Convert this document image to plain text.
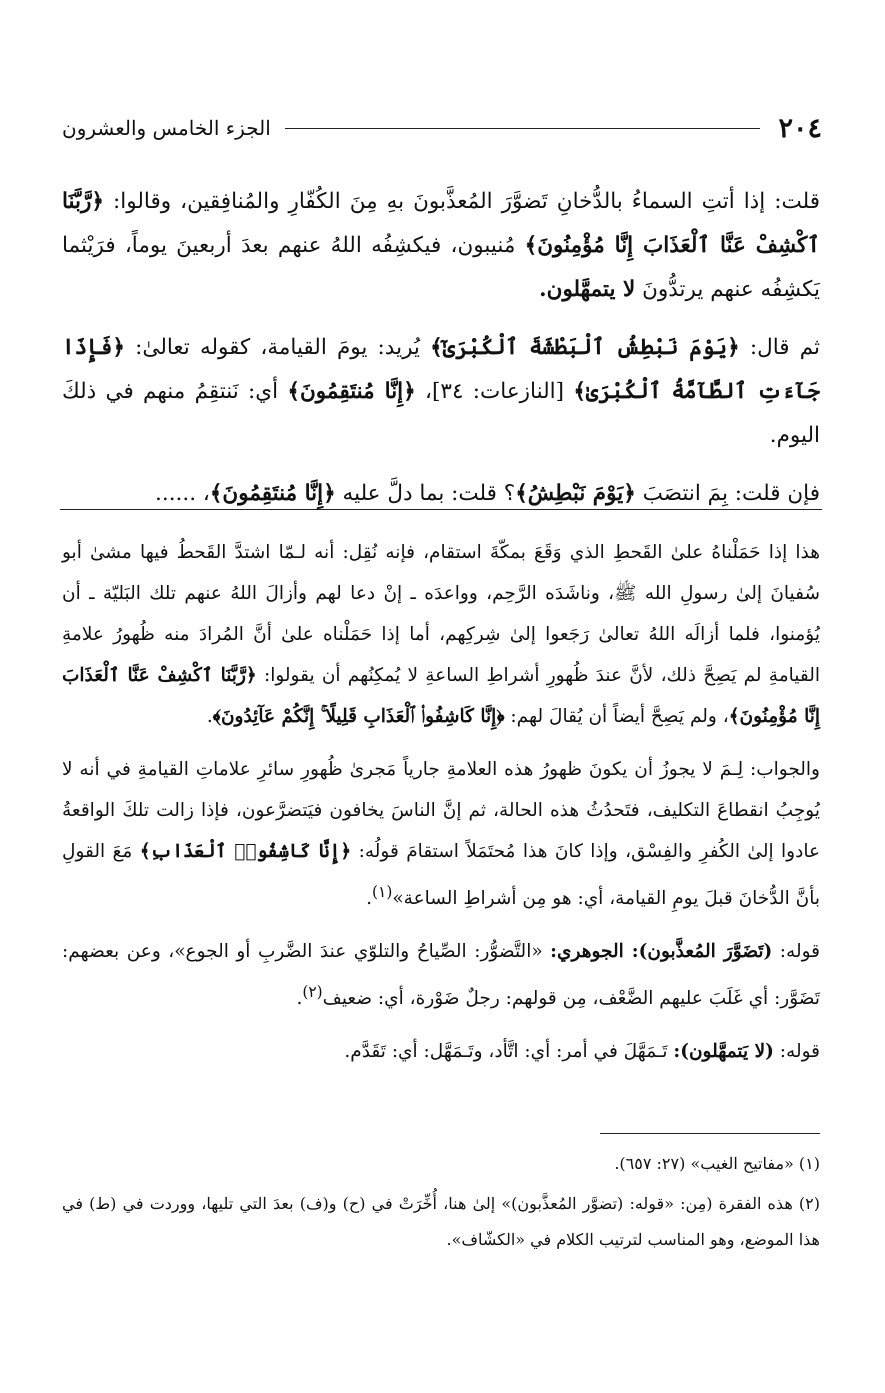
٢٠٤
الجزء الخامس والعشرون

قلت: إذا أتتِ السماءُ بالدُّخانِ تَضوَّرَ المُعذَّبونَ بهِ مِنَ الكُفّارِ والمُنافِقين، وقالوا: ﴿رَّبَّنَا ٱكْشِفْ عَنَّا ٱلْعَذَابَ إِنَّا مُؤْمِنُونَ﴾ مُنيبون، فيكشِفُه اللهُ عنهم بعدَ أربعينَ يوماً، فرَيْثما يَكشِفُه عنهم يرتدُّونَ لا يتمهَّلون.

ثم قال: ﴿يَوْمَ نَبْطِشُ ٱلْبَطْشَةَ ٱلْكُبْرَىٰٓ﴾ يُريد: يومَ القيامة، كقوله تعالىٰ: ﴿فَإِذَا جَآءَتِ ٱلطَّآمَّةُ ٱلْكُبْرَىٰ﴾ [النازعات: ٣٤]، ﴿إِنَّا مُنتَقِمُونَ﴾ أي: نَنتقِمُ منهم في ذلكَ اليوم.

فإن قلت: بِمَ انتصَبَ ﴿يَوْمَ نَبْطِشُ﴾؟ قلت: بما دلَّ عليه ﴿إِنَّا مُنتَقِمُونَ﴾، ......

هذا إذا حَمَلْناهُ علىٰ القَحطِ الذي وَقَعَ بمكّةَ استقام، فإنه نُقِل: أنه لـمّا اشتدَّ القَحطُ فيها مشىٰ أبو سُفيانَ إلىٰ رسولِ الله ﷺ، وناشَدَه الرَّحِم، وواعدَه ـ إنْ دعا لهم وأزالَ اللهُ عنهم تلك البَليّة ـ أن يُؤمنوا، فلما أزالَه اللهُ تعالىٰ رَجَعوا إلىٰ شِركِهم، أما إذا حَمَلْناه علىٰ أنَّ المُرادَ منه ظُهورُ علامةِ القيامةِ لم يَصِحَّ ذلك، لأنَّ عندَ ظُهورِ أشراطِ الساعةِ لا يُمكِنُهم أن يقولوا: ﴿رَّبَّنَا ٱكْشِفْ عَنَّا ٱلْعَذَابَ إِنَّا مُؤْمِنُونَ﴾، ولم يَصِحَّ أيضاً أن يُقالَ لهم: ﴿إِنَّا كَاشِفُوا۟ ٱلْعَذَابِ قَلِيلًا ۚ إِنَّكُمْ عَآئِدُونَ﴾.

والجواب: لِـمَ لا يجوزُ أن يكونَ ظهورُ هذه العلامةِ جارياً مَجرىٰ ظُهورِ سائرِ علاماتِ القيامةِ في أنه لا يُوجِبُ انقطاعَ التكليف، فتَحدُثُ هذه الحالة، ثم إنَّ الناسَ يخافون فيَتضرَّعون، فإذا زالت تلكَ الواقعةُ عادوا إلىٰ الكُفرِ والفِسْق، وإذا كانَ هذا مُحتَمَلاً استقامَ قولُه: ﴿إِنَّا كَاشِفُوا۟ ٱلْعَذَابِ﴾ مَعَ القولِ بأنَّ الدُّخانَ قبلَ يومِ القيامة، أي: هو مِن أشراطِ الساعة»$^{(١)}$.

قوله: (تَضَوَّرَ المُعذَّبون): الجوهري: «التَّضوُّر: الصِّياحُ والتلوّي عندَ الضَّربِ أو الجوع»، وعن بعضهم: تَضَوَّر: أي غَلَبَ عليهم الضَّعْف، مِن قولهم: رجلٌ ضَوْرة، أي: ضعيف$^{(٢)}$.

قوله: (لا يَتمهَّلون): تَـمَهَّلَ في أمر: أي: اتَّأد، وتَـمَهَّل: أي: تَقَدَّم.

(١) «مفاتيح الغيب» (٢٧: ٦٥٧).

(٢) هذه الفقرة (مِن: «قوله: (تضوَّر المُعذَّبون)» إلىٰ هنا، أُخِّرَتْ في (ح) و(ف) بعدَ التي تليها، ووردت في (ط) في هذا الموضع، وهو المناسب لترتيب الكلام في «الكشّاف».
